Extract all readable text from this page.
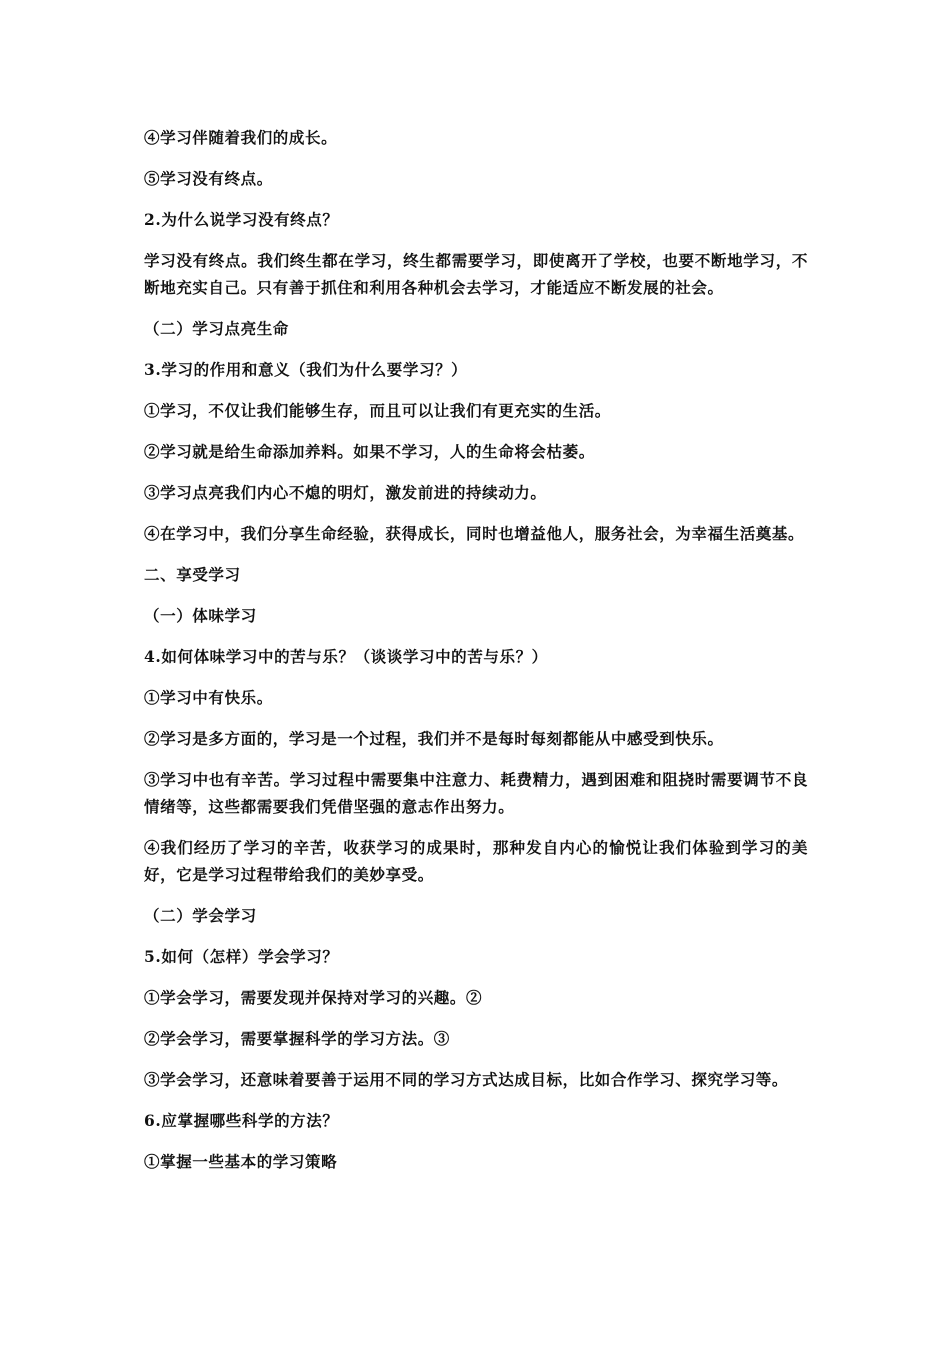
④学习伴随着我们的成长。

⑤学习没有终点。

2.为什么说学习没有终点？

学习没有终点。我们终生都在学习，终生都需要学习，即使离开了学校，也要不断地学习，不断地充实自己。只有善于抓住和利用各种机会去学习，才能适应不断发展的社会。

（二）学习点亮生命

3.学习的作用和意义（我们为什么要学习？）

①学习，不仅让我们能够生存，而且可以让我们有更充实的生活。

②学习就是给生命添加养料。如果不学习，人的生命将会枯萎。

③学习点亮我们内心不熄的明灯，激发前进的持续动力。

④在学习中，我们分享生命经验，获得成长，同时也增益他人，服务社会，为幸福生活奠基。

二、享受学习

（一）体味学习

4.如何体味学习中的苦与乐？（谈谈学习中的苦与乐？）

①学习中有快乐。

②学习是多方面的，学习是一个过程，我们并不是每时每刻都能从中感受到快乐。

③学习中也有辛苦。学习过程中需要集中注意力、耗费精力，遇到困难和阻挠时需要调节不良情绪等，这些都需要我们凭借坚强的意志作出努力。

④我们经历了学习的辛苦，收获学习的成果时，那种发自内心的愉悦让我们体验到学习的美好，它是学习过程带给我们的美妙享受。

（二）学会学习

5.如何（怎样）学会学习？

①学会学习，需要发现并保持对学习的兴趣。②

②学会学习，需要掌握科学的学习方法。③

③学会学习，还意味着要善于运用不同的学习方式达成目标，比如合作学习、探究学习等。

6.应掌握哪些科学的方法？

①掌握一些基本的学习策略
